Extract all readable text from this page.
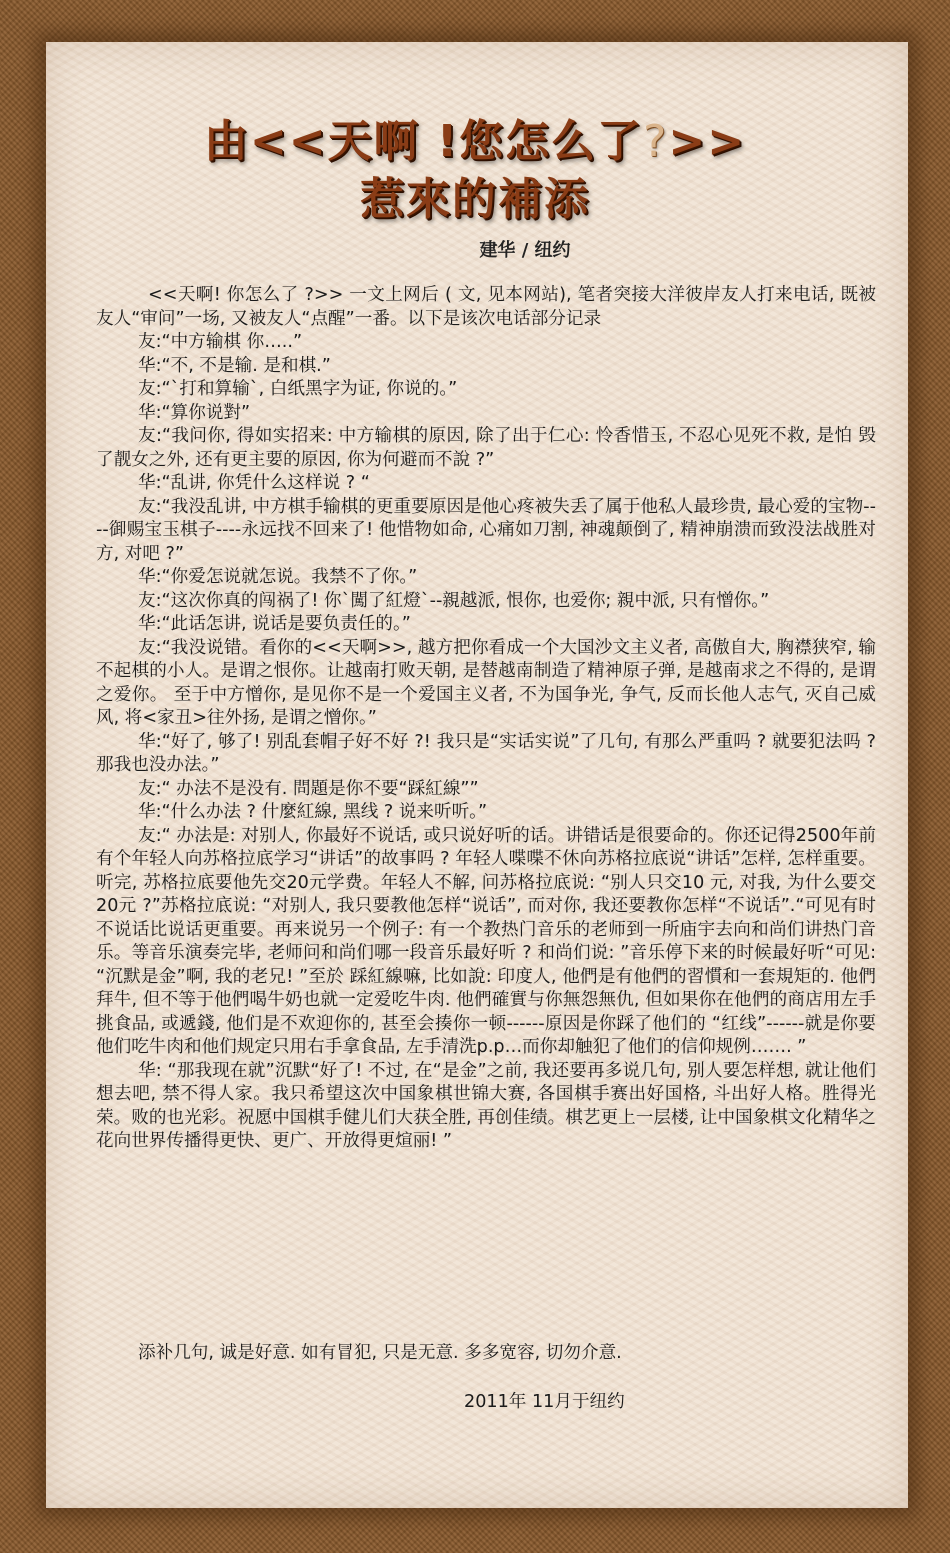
由<<天啊 !您怎么了?>>
惹來的補添
建华 / 纽约

<<天啊! 你怎么了 ?>> 一文上网后 ( 文, 见本网站), 笔者突接大洋彼岸友人打来电话, 既被友人“审问”一场, 又被友人“点醒”一番。以下是该次电话部分记录

友:“中方输棋 你…..”

华:“不, 不是输. 是和棋.”

友:“`打和算输`, 白纸黑字为证, 你说的。”

华:“算你说對”

友:“我问你, 得如实招来: 中方输棋的原因, 除了出于仁心: 怜香惜玉, 不忍心见死不救, 是怕 毁了靓女之外, 还有更主要的原因, 你为何避而不說 ?”

华:“乱讲, 你凭什么这样说 ? “

友:“我没乱讲, 中方棋手输棋的更重要原因是他心疼被失丢了属于他私人最珍贵, 最心爱的宝物----御赐宝玉棋子----永远找不回来了! 他惜物如命, 心痛如刀割, 神魂颠倒了, 精神崩溃而致没法战胜对方, 对吧 ?”

华:“你爱怎说就怎说。我禁不了你。”

友:“这次你真的闯祸了! 你`闖了紅燈`--親越派, 恨你, 也爱你; 親中派, 只有憎你。”

华:“此话怎讲, 说话是要负责任的。”

友:“我没说错。看你的<<天啊>>, 越方把你看成一个大国沙文主义者, 高傲自大, 胸襟狭窄, 输不起棋的小人。是谓之恨你。让越南打败天朝, 是替越南制造了精神原子弹, 是越南求之不得的, 是谓之爱你。 至于中方憎你, 是见你不是一个爱国主义者, 不为国争光, 争气, 反而长他人志气, 灭自己威风, 将<家丑>往外扬, 是谓之憎你。”

华:“好了, 够了! 别乱套帽子好不好 ?! 我只是“实话实说”了几句, 有那么严重吗 ? 就要犯法吗 ? 那我也没办法。”

友:“ 办法不是没有. 問題是你不要“踩紅線””

华:“什么办法 ? 什麼紅線, 黑线 ? 说来听听。”

友:“ 办法是: 对别人, 你最好不说话, 或只说好听的话。讲错话是很要命的。你还记得2500年前有个年轻人向苏格拉底学习“讲话”的故事吗 ? 年轻人喋喋不休向苏格拉底说“讲话”怎样, 怎样重要。听完, 苏格拉底要他先交20元学费。年轻人不解, 问苏格拉底说: “别人只交10 元, 对我, 为什么要交20元 ?”苏格拉底说: “对别人, 我只要教他怎样“说话”, 而对你, 我还要教你怎样“不说话”.“可见有时不说话比说话更重要。再来说另一个例子: 有一个教热门音乐的老师到一所庙宇去向和尚们讲热门音乐。等音乐演奏完毕, 老师问和尚们哪一段音乐最好听 ? 和尚们说: ”音乐停下来的时候最好听“可见: “沉默是金”啊, 我的老兄! ”至於 踩紅線嘛, 比如說: 印度人, 他們是有他們的習慣和一套規矩的. 他們拜牛, 但不等于他們喝牛奶也就一定爱吃牛肉. 他們確實与你無怨無仇, 但如果你在他們的商店用左手挑食品, 或遞錢, 他们是不欢迎你的, 甚至会揍你一顿------原因是你踩了他们的 “红线”------就是你要他们吃牛肉和他们规定只用右手拿食品, 左手清洗p.p…而你却触犯了他们的信仰规例……. ”

华: “那我现在就”沉默“好了! 不过, 在“是金”之前, 我还要再多说几句, 别人要怎样想, 就让他们想去吧, 禁不得人家。我只希望这次中国象棋世锦大赛, 各国棋手赛出好国格, 斗出好人格。胜得光荣。败的也光彩。祝愿中国棋手健儿们大获全胜, 再创佳绩。棋艺更上一层楼, 让中国象棋文化精华之花向世界传播得更快、更广、开放得更煊丽! ”

添补几句, 诚是好意. 如有冒犯, 只是无意. 多多宽容, 切勿介意.
2011年 11月于纽约
